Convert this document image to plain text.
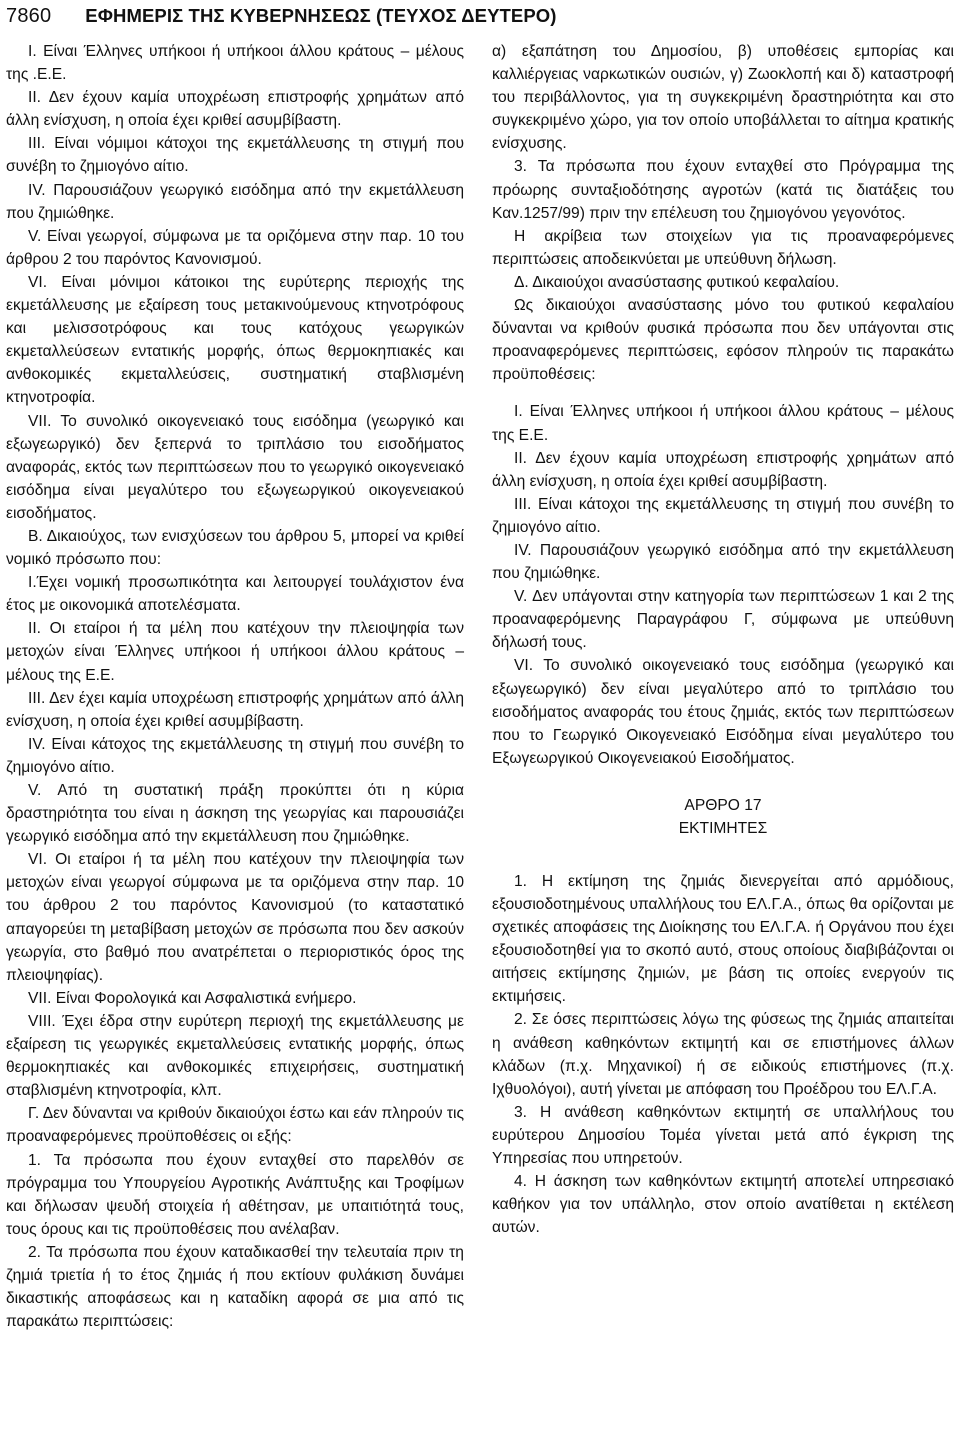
7860 ΕΦΗΜΕΡΙΣ ΤΗΣ ΚΥΒΕΡΝΗΣΕΩΣ (ΤΕΥΧΟΣ ΔΕΥΤΕΡΟ)

Ι. Είναι Έλληνες υπήκοοι ή υπήκοοι άλλου κράτους – μέλους της .Ε.Ε.

ΙΙ. Δεν έχουν καμία υποχρέωση επιστροφής χρημάτων από άλλη ενίσχυση, η οποία έχει κριθεί ασυμβίβαστη.

ΙΙΙ. Είναι νόμιμοι κάτοχοι της εκμετάλλευσης τη στιγμή που συνέβη το ζημιογόνο αίτιο.

ΙV. Παρουσιάζουν γεωργικό εισόδημα από την εκμετάλλευση που ζημιώθηκε.

V. Είναι γεωργοί, σύμφωνα με τα οριζόμενα στην παρ. 10 του άρθρου 2 του παρόντος Κανονισμού.

VΙ. Είναι μόνιμοι κάτοικοι της ευρύτερης περιοχής της εκμετάλλευσης με εξαίρεση τους μετακινούμενους κτηνοτρόφους και μελισσοτρόφους και τους κατόχους γεωργικών εκμεταλλεύσεων εντατικής μορφής, όπως θερμοκηπιακές και ανθοκομικές εκμεταλλεύσεις, συστηματική σταβλισμένη κτηνοτροφία.

VΙΙ. Το συνολικό οικογενειακό τους εισόδημα (γεωργικό και εξωγεωργικό) δεν ξεπερνά το τριπλάσιο του εισοδήματος αναφοράς, εκτός των περιπτώσεων που το γεωργικό οικογενειακό εισόδημα είναι μεγαλύτερο του εξωγεωργικού οικογενειακού εισοδήματος.

Β. Δικαιούχος, των ενισχύσεων του άρθρου 5, μπορεί να κριθεί νομικό πρόσωπο που:

Ι.Έχει νομική προσωπικότητα και λειτουργεί τουλάχιστον ένα έτος με οικονομικά αποτελέσματα.

ΙΙ. Οι εταίροι ή τα μέλη που κατέχουν την πλειοψηφία των μετοχών είναι Έλληνες υπήκοοι ή υπήκοοι άλλου κράτους – μέλους της Ε.Ε.

ΙΙΙ. Δεν έχει καμία υποχρέωση επιστροφής χρημάτων από άλλη ενίσχυση, η οποία έχει κριθεί ασυμβίβαστη.

ΙV. Είναι κάτοχος της εκμετάλλευσης τη στιγμή που συνέβη το ζημιογόνο αίτιο.

V. Από τη συστατική πράξη προκύπτει ότι η κύρια δραστηριότητα του είναι η άσκηση της γεωργίας και παρουσιάζει γεωργικό εισόδημα από την εκμετάλλευση που ζημιώθηκε.

VΙ. Οι εταίροι ή τα μέλη που κατέχουν την πλειοψηφία των μετοχών είναι γεωργοί σύμφωνα με τα οριζόμενα στην παρ. 10 του άρθρου 2 του παρόντος Κανονισμού (το καταστατικό απαγορεύει τη μεταβίβαση μετοχών σε πρόσωπα που δεν ασκούν γεωργία, στο βαθμό που ανατρέπεται ο περιοριστικός όρος της πλειοψηφίας).

VΙΙ. Είναι Φορολογικά και Ασφαλιστικά ενήμερο.

VΙΙΙ. Έχει έδρα στην ευρύτερη περιοχή της εκμετάλλευσης με εξαίρεση τις γεωργικές εκμεταλλεύσεις εντατικής μορφής, όπως θερμοκηπιακές και ανθοκομικές επιχειρήσεις, συστηματική σταβλισμένη κτηνοτροφία, κλπ.

Γ. Δεν δύνανται να κριθούν δικαιούχοι έστω και εάν πληρούν τις προαναφερόμενες προϋποθέσεις οι εξής:

1. Τα πρόσωπα που έχουν ενταχθεί στο παρελθόν σε πρόγραμμα του Υπουργείου Αγροτικής Ανάπτυξης και Τροφίμων και δήλωσαν ψευδή στοιχεία ή αθέτησαν, με υπαιτιότητά τους, τους όρους και τις προϋποθέσεις που ανέλαβαν.

2. Τα πρόσωπα που έχουν καταδικασθεί την τελευταία πριν τη ζημιά τριετία ή το έτος ζημιάς ή που εκτίουν φυλάκιση δυνάμει δικαστικής αποφάσεως και η καταδίκη αφορά σε μια από τις παρακάτω περιπτώσεις:

α) εξαπάτηση του Δημοσίου, β) υποθέσεις εμπορίας και καλλιέργειας ναρκωτικών ουσιών, γ) Ζωοκλοπή και δ) καταστροφή του περιβάλλοντος, για τη συγκεκριμένη δραστηριότητα και στο συγκεκριμένο χώρο, για τον οποίο υποβάλλεται το αίτημα κρατικής ενίσχυσης.

3. Τα πρόσωπα που έχουν ενταχθεί στο Πρόγραμμα της πρόωρης συνταξιοδότησης αγροτών (κατά τις διατάξεις του Καν.1257/99) πριν την επέλευση του ζημιογόνου γεγονότος.

Η ακρίβεια των στοιχείων για τις προαναφερόμενες περιπτώσεις αποδεικνύεται με υπεύθυνη δήλωση.

Δ. Δικαιούχοι ανασύστασης φυτικού κεφαλαίου.

Ως δικαιούχοι ανασύστασης μόνο του φυτικού κεφαλαίου δύνανται να κριθούν φυσικά πρόσωπα που δεν υπάγονται στις προαναφερόμενες περιπτώσεις, εφόσον πληρούν τις παρακάτω προϋποθέσεις:

Ι. Είναι Έλληνες υπήκοοι ή υπήκοοι άλλου κράτους – μέλους της Ε.Ε.

ΙΙ. Δεν έχουν καμία υποχρέωση επιστροφής χρημάτων από άλλη ενίσχυση, η οποία έχει κριθεί ασυμβίβαστη.

ΙΙΙ. Είναι κάτοχοι της εκμετάλλευσης τη στιγμή που συνέβη το ζημιογόνο αίτιο.

ΙV. Παρουσιάζουν γεωργικό εισόδημα από την εκμετάλλευση που ζημιώθηκε.

V. Δεν υπάγονται στην κατηγορία των περιπτώσεων 1 και 2 της προαναφερόμενης Παραγράφου Γ, σύμφωνα με υπεύθυνη δήλωσή τους.

VΙ. Το συνολικό οικογενειακό τους εισόδημα (γεωργικό και εξωγεωργικό) δεν είναι μεγαλύτερο από το τριπλάσιο του εισοδήματος αναφοράς του έτους ζημιάς, εκτός των περιπτώσεων που το Γεωργικό Οικογενειακό Εισόδημα είναι μεγαλύτερο του Εξωγεωργικού Οικογενειακού Εισοδήματος.

ΑΡΘΡΟ 17

ΕΚΤΙΜΗΤΕΣ

1. Η εκτίμηση της ζημιάς διενεργείται από αρμόδιους, εξουσιοδοτημένους υπαλλήλους του ΕΛ.Γ.Α., όπως θα ορίζονται με σχετικές αποφάσεις της Διοίκησης του ΕΛ.Γ.Α. ή Οργάνου που έχει εξουσιοδοτηθεί για το σκοπό αυτό, στους οποίους διαβιβάζονται οι αιτήσεις εκτίμησης ζημιών, με βάση τις οποίες ενεργούν τις εκτιμήσεις.

2. Σε όσες περιπτώσεις λόγω της φύσεως της ζημιάς απαιτείται η ανάθεση καθηκόντων εκτιμητή και σε επιστήμονες άλλων κλάδων (π.χ. Μηχανικοί) ή σε ειδικούς επιστήμονες (π.χ. Ιχθυολόγοι), αυτή γίνεται με απόφαση του Προέδρου του ΕΛ.Γ.Α.

3. Η ανάθεση καθηκόντων εκτιμητή σε υπαλλήλους του ευρύτερου Δημοσίου Τομέα γίνεται μετά από έγκριση της Υπηρεσίας που υπηρετούν.

4. Η άσκηση των καθηκόντων εκτιμητή αποτελεί υπηρεσιακό καθήκον για τον υπάλληλο, στον οποίο ανατίθεται η εκτέλεση αυτών.
